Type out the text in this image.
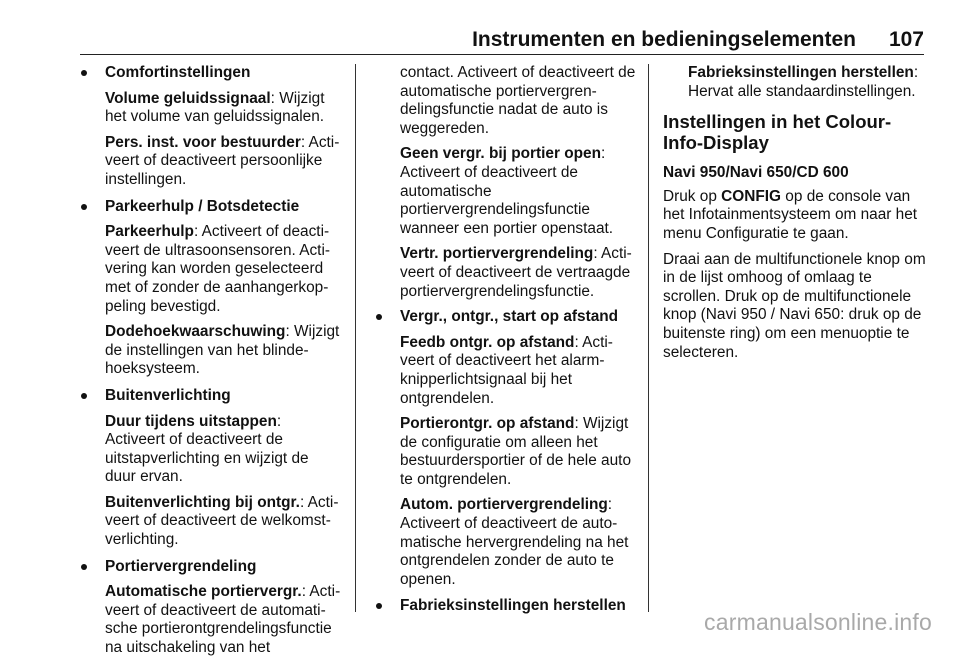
Instrumenten en bedieningselementen 107
Comfortinstellingen
Volume geluidssignaal: Wijzigt het volume van geluidssignalen.
Pers. inst. voor bestuurder: Activeert of deactiveert persoonlijke instellingen.
Parkeerhulp / Botsdetectie
Parkeerhulp: Activeert of deactiveert de ultrasoonsensoren. Activering kan worden geselecteerd met of zonder de aanhangerkoppeling bevestigd.
Dodehoekwaarschuwing: Wijzigt de instellingen van het blindehoeksysteem.
Buitenverlichting
Duur tijdens uitstappen: Activeert of deactiveert de uitstapverlichting en wijzigt de duur ervan.
Buitenverlichting bij ontgr.: Activeert of deactiveert de welkomstverlichting.
Portiervergrendeling
Automatische portiervergr.: Activeert of deactiveert de automatische portierontgrendelingsfunctie na uitschakeling van het
contact. Activeert of deactiveert de automatische portiervergrendelingsfunctie nadat de auto is weggereden.
Geen vergr. bij portier open: Activeert of deactiveert de automatische portiervergrendelingsfunctie wanneer een portier openstaat.
Vertr. portiervergrendeling: Activeert of deactiveert de vertraagde portiervergrendelingsfunctie.
Vergr., ontgr., start op afstand
Feedb ontgr. op afstand: Activeert of deactiveert het alarmknipperlichtsignaal bij het ontgrendelen.
Portierontgr. op afstand: Wijzigt de configuratie om alleen het bestuurdersportier of de hele auto te ontgrendelen.
Autom. portiervergrendeling: Activeert of deactiveert de automatische hervergrendeling na het ontgrendelen zonder de auto te openen.
Fabrieksinstellingen herstellen
Fabrieksinstellingen herstellen: Hervat alle standaardinstellingen.
Instellingen in het Colour-Info-Display
Navi 950/Navi 650/CD 600
Druk op CONFIG op de console van het Infotainmentsysteem om naar het menu Configuratie te gaan.
Draai aan de multifunctionele knop om in de lijst omhoog of omlaag te scrollen. Druk op de multifunctionele knop (Navi 950 / Navi 650: druk op de buitenste ring) om een menuoptie te selecteren.
carmanualsonline.info
